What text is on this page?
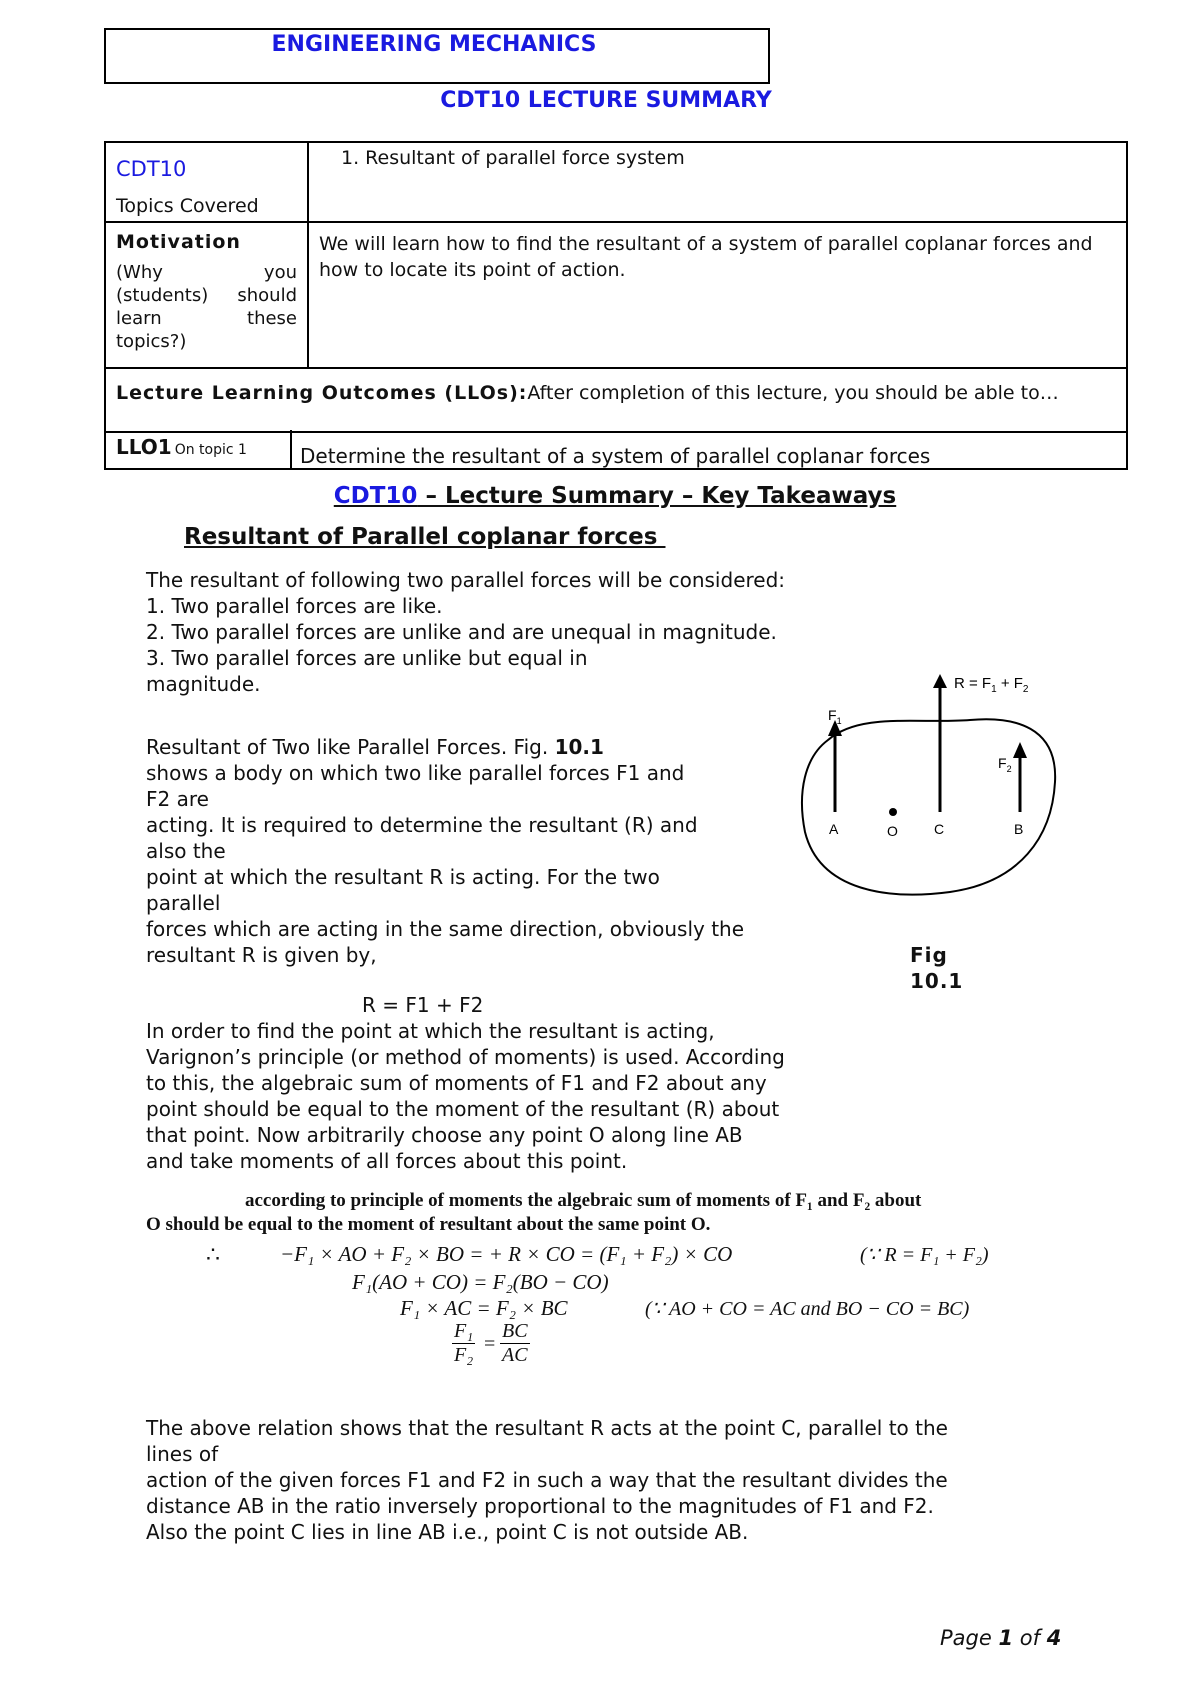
ENGINEERING MECHANICS
CDT10 LECTURE SUMMARY
CDT10
Topics Covered	1. Resultant of parallel force system

Motivation
(Why you
(students) should
learn these
topics?)	We will learn how to find the resultant of a system of parallel coplanar forces and how to locate its point of action.

Lecture Learning Outcomes (LLOs):After completion of this lecture, you should be able to…	
LLO1 On topic 1	Determine the resultant of a system of parallel coplanar forces
CDT10 – Lecture Summary – Key Takeaways
Resultant of Parallel coplanar forces
The resultant of following two parallel forces will be considered:
1. Two parallel forces are like.
2. Two parallel forces are unlike and are unequal in magnitude.
3. Two parallel forces are unlike but equal in
magnitude.
Resultant of Two like Parallel Forces. Fig. 10.1
shows a body on which two like parallel forces F1 and
F2 are
acting. It is required to determine the resultant (R) and
also the
point at which the resultant R is acting. For the two
parallel
forces which are acting in the same direction, obviously the
resultant R is given by,
R = F1 + F2
In order to find the point at which the resultant is acting,
Varignon’s principle (or method of moments) is used. According
to this, the algebraic sum of moments of F1 and F2 about any
point should be equal to the moment of the resultant (R) about
that point. Now arbitrarily choose any point O along line AB
and take moments of all forces about this point.
$R = F_1 + F_2$
$F_1$
$F_2$
A	O	C	B
Fig
10.1
according to principle of moments the algebraic sum of moments of F₁ and F₂ about
O should be equal to the moment of resultant about the same point O.
∴	−F₁ × AO + F₂ × BO = + R × CO = (F₁ + F₂) × CO	(∵ R = F₁ + F₂)
F₁(AO + CO) = F₂(BO − CO)
F₁ × AC = F₂ × BC	(∵ AO + CO = AC and BO − CO = BC)
$\frac{\text{F₁}}{\text{F₂}} = \frac{BC}{AC}$
The above relation shows that the resultant R acts at the point C, parallel to the
lines of
action of the given forces F1 and F2 in such a way that the resultant divides the
distance AB in the ratio inversely proportional to the magnitudes of F1 and F2.
Also the point C lies in line AB i.e., point C is not outside AB.
Page 1 of 4
